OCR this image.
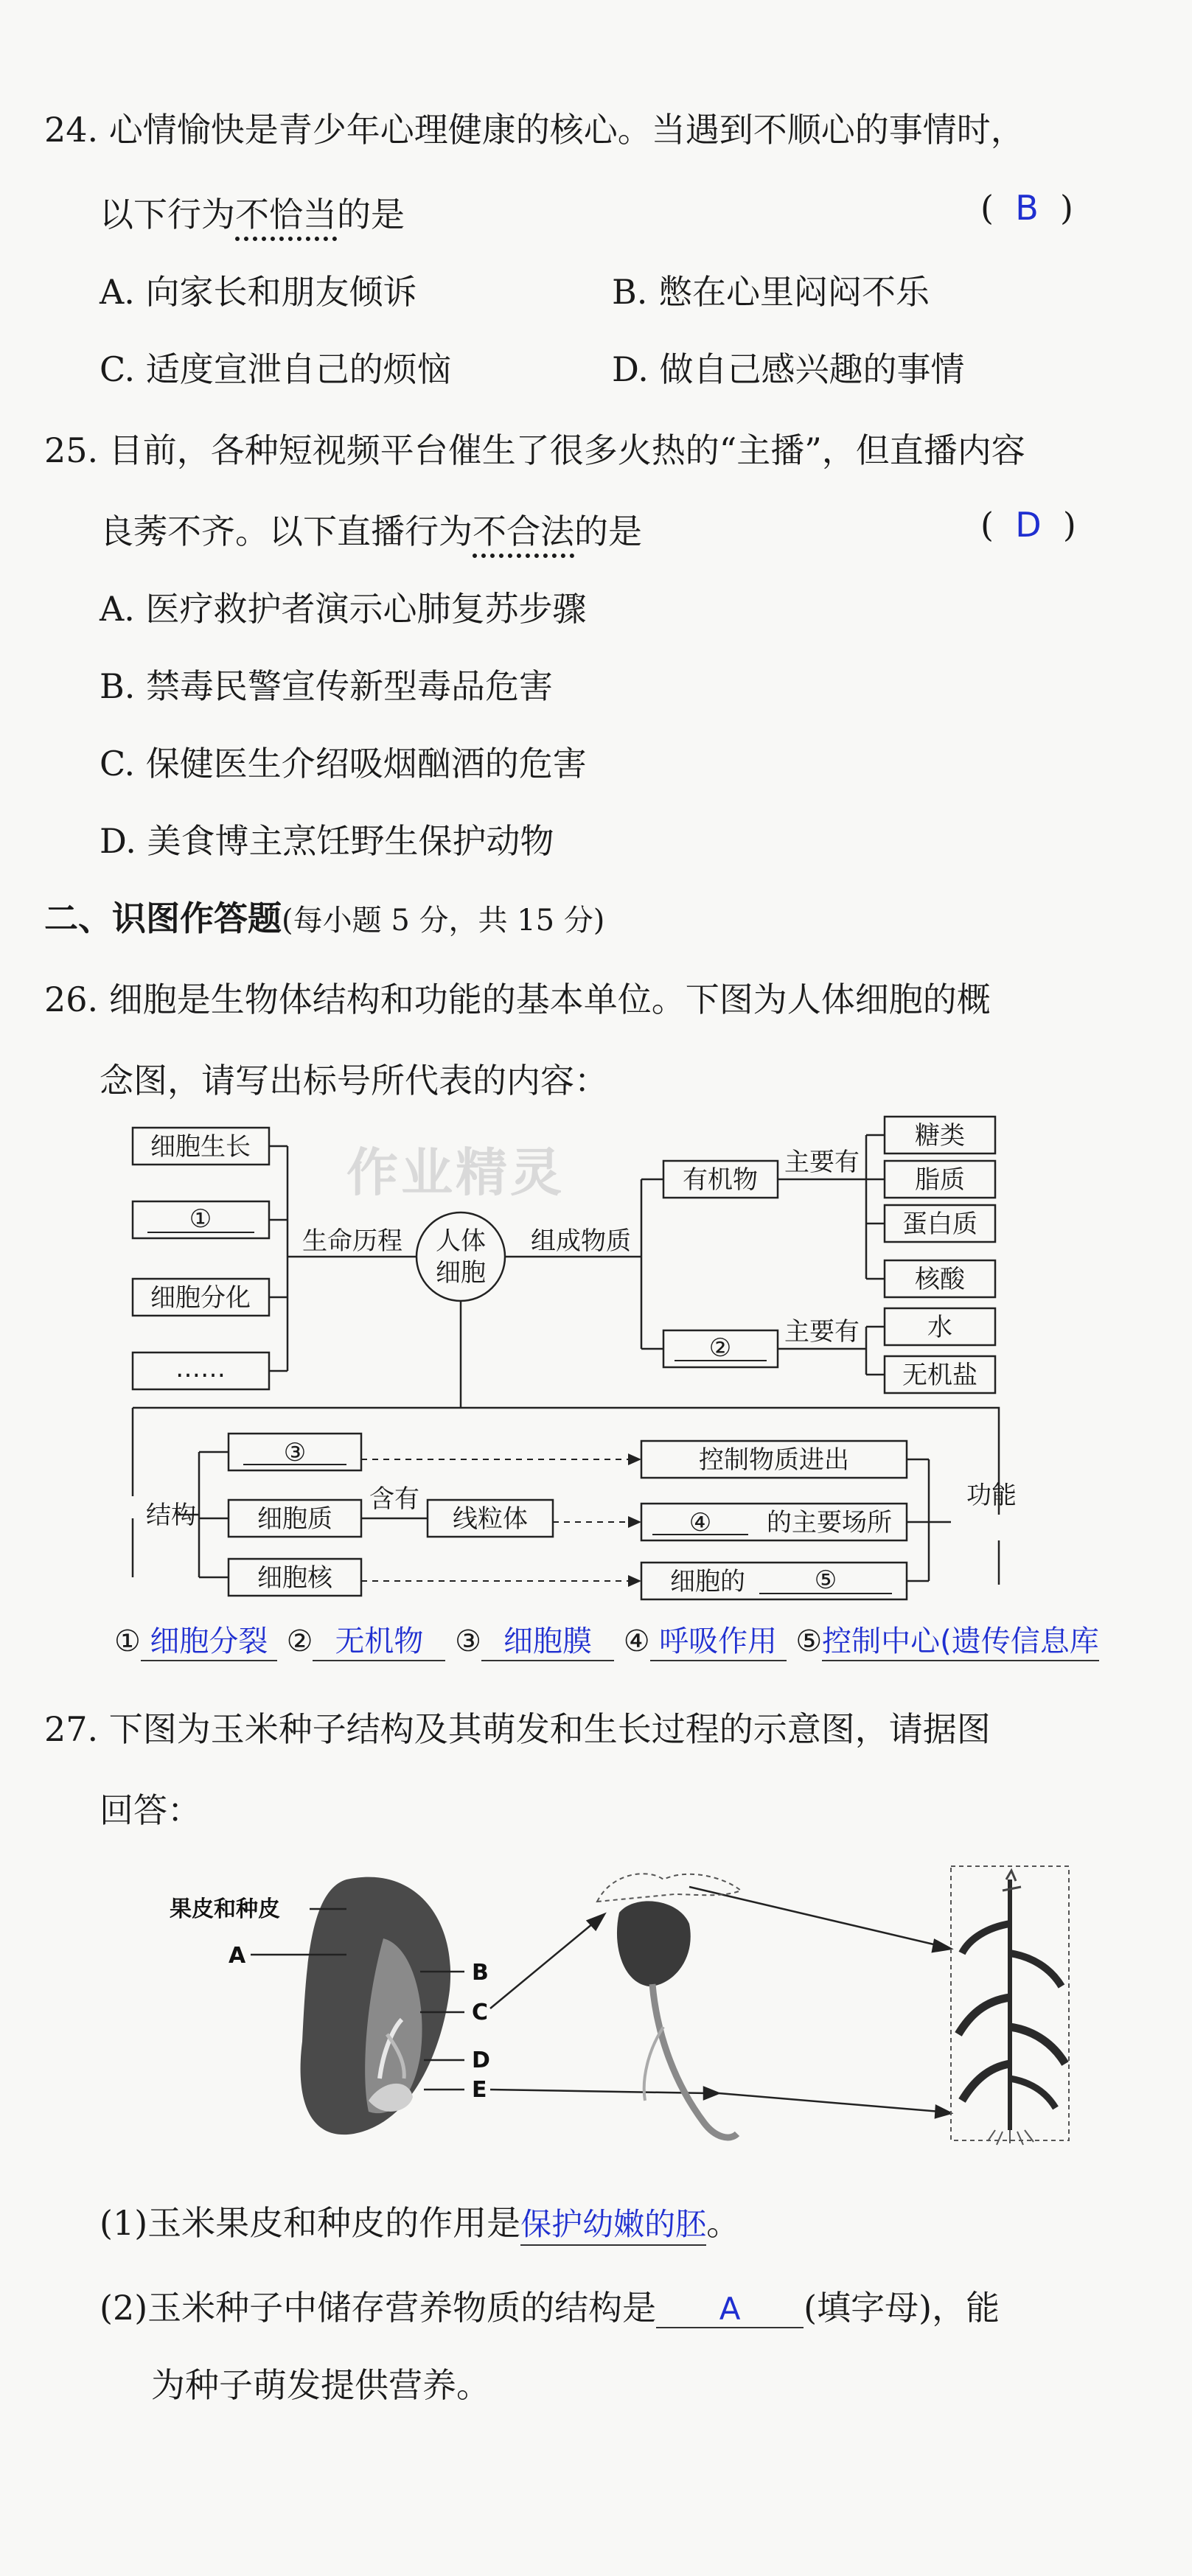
24. 心情愉快是青少年心理健康的核心。当遇到不顺心的事情时，
以下行为不恰当的是	(  B  )
A. 向家长和朋友倾诉	B. 憋在心里闷闷不乐
C. 适度宣泄自己的烦恼	D. 做自己感兴趣的事情
25. 目前，各种短视频平台催生了很多火热的“主播”，但直播内容
良莠不齐。以下直播行为不合法的是	(  D  )
A. 医疗救护者演示心肺复苏步骤
B. 禁毒民警宣传新型毒品危害
C. 保健医生介绍吸烟酗酒的危害
D. 美食博主烹饪野生保护动物
二、识图作答题(每小题 5 分，共 15 分)
26. 细胞是生物体结构和功能的基本单位。下图为人体细胞的概
念图，请写出标号所代表的内容：
作业精灵
细胞生长
①
细胞分化
……
生命历程 人体
细胞
组成物质
有机物
②
主要有
主要有
糖类
脂质
蛋白质
核酸
水
无机盐
结构
③
细胞质
含有
线粒体
细胞核
控制物质进出
④ 的主要场所
细胞的	⑤
功能
① 细胞分裂 ② 无机物 ③ 细胞膜 ④ 呼吸作用 ⑤控制中心(遗传信息库
27. 下图为玉米种子结构及其萌发和生长过程的示意图，请据图
回答：
果皮和种皮
A
B
C
D
E
(1)玉米果皮和种皮的作用是保护幼嫩的胚。
(2)玉米种子中储存营养物质的结构是 A (填字母)，能
为种子萌发提供营养。
